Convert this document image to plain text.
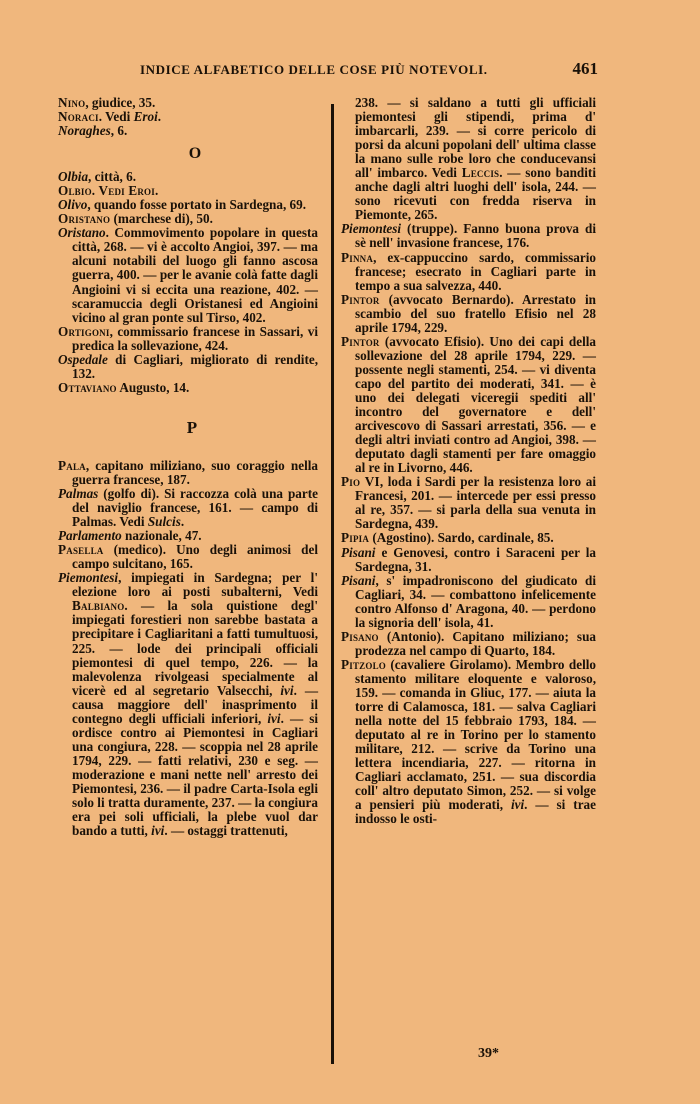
INDICE ALFABETICO DELLE COSE PIÙ NOTEVOLI.	461

Nino, giudice, 35.

Noraci. Vedi Eroi.

Noraghes, 6.

O

Olbia, città, 6.

Olbio. Vedi Eroi.

Olivo, quando fosse portato in Sardegna, 69.

Oristano (marchese di), 50.

Oristano. Commovimento popolare in questa città, 268. — vi è accolto Angioi, 397. — ma alcuni notabili del luogo gli fanno ascosa guerra, 400. — per le avanie colà fatte dagli Angioini vi si eccita una reazione, 402. — scaramuccia degli Oristanesi ed Angioini vicino al gran ponte sul Tirso, 402.

Ortigoni, commissario francese in Sassari, vi predica la sollevazione, 424.

Ospedale di Cagliari, migliorato di rendite, 132.

Ottaviano Augusto, 14.

P

Pala, capitano miliziano, suo coraggio nella guerra francese, 187.

Palmas (golfo di). Si raccozza colà una parte del naviglio francese, 161. — campo di Palmas. Vedi Sulcis.

Parlamento nazionale, 47.

Pasella (medico). Uno degli animosi del campo sulcitano, 165.

Piemontesi, impiegati in Sardegna; per l' elezione loro ai posti subalterni, Vedi Balbiano. — la sola quistione degl' impiegati forestieri non sarebbe bastata a precipitare i Cagliaritani a fatti tumultuosi, 225. — lode dei principali officiali piemontesi di quel tempo, 226. — la malevolenza rivolgeasi specialmente al vicerè ed al segretario Valsecchi, ivi. — causa maggiore dell' inasprimento il contegno degli ufficiali inferiori, ivi. — si ordisce contro ai Piemontesi in Cagliari una congiura, 228. — scoppia nel 28 aprile 1794, 229. — fatti relativi, 230 e seg. — moderazione e mani nette nell' arresto dei Piemontesi, 236. — il padre Carta-Isola egli solo li tratta duramente, 237. — la congiura era pei soli ufficiali, la plebe vuol dar bando a tutti, ivi. — ostaggi trattenuti,

238. — si saldano a tutti gli ufficiali piemontesi gli stipendi, prima d' imbarcarli, 239. — si corre pericolo di porsi da alcuni popolani dell' ultima classe la mano sulle robe loro che conducevansi all' imbarco. Vedi Leccis. — sono banditi anche dagli altri luoghi dell' isola, 244. — sono ricevuti con fredda riserva in Piemonte, 265.

Piemontesi (truppe). Fanno buona prova di sè nell' invasione francese, 176.

Pinna, ex-cappuccino sardo, commissario francese; esecrato in Cagliari parte in tempo a sua salvezza, 440.

Pintor (avvocato Bernardo). Arrestato in scambio del suo fratello Efisio nel 28 aprile 1794, 229.

Pintor (avvocato Efisio). Uno dei capi della sollevazione del 28 aprile 1794, 229. — possente negli stamenti, 254. — vi diventa capo del partito dei moderati, 341. — è uno dei delegati viceregii spediti all' incontro del governatore e dell' arcivescovo di Sassari arrestati, 356. — e degli altri inviati contro ad Angioi, 398. — deputato dagli stamenti per fare omaggio al re in Livorno, 446.

Pio VI, loda i Sardi per la resistenza loro ai Francesi, 201. — intercede per essi presso al re, 357. — si parla della sua venuta in Sardegna, 439.

Pipia (Agostino). Sardo, cardinale, 85.

Pisani e Genovesi, contro i Saraceni per la Sardegna, 31.

Pisani, s' impadroniscono del giudicato di Cagliari, 34. — combattono infelicemente contro Alfonso d' Aragona, 40. — perdono la signoria dell' isola, 41.

Pisano (Antonio). Capitano miliziano; sua prodezza nel campo di Quarto, 184.

Pitzolo (cavaliere Girolamo). Membro dello stamento militare eloquente e valoroso, 159. — comanda in Gliuc, 177. — aiuta la torre di Calamosca, 181. — salva Cagliari nella notte del 15 febbraio 1793, 184. — deputato al re in Torino per lo stamento militare, 212. — scrive da Torino una lettera incendiaria, 227. — ritorna in Cagliari acclamato, 251. — sua discordia coll' altro deputato Simon, 252. — si volge a pensieri più moderati, ivi. — si trae indosso le osti-

39*
